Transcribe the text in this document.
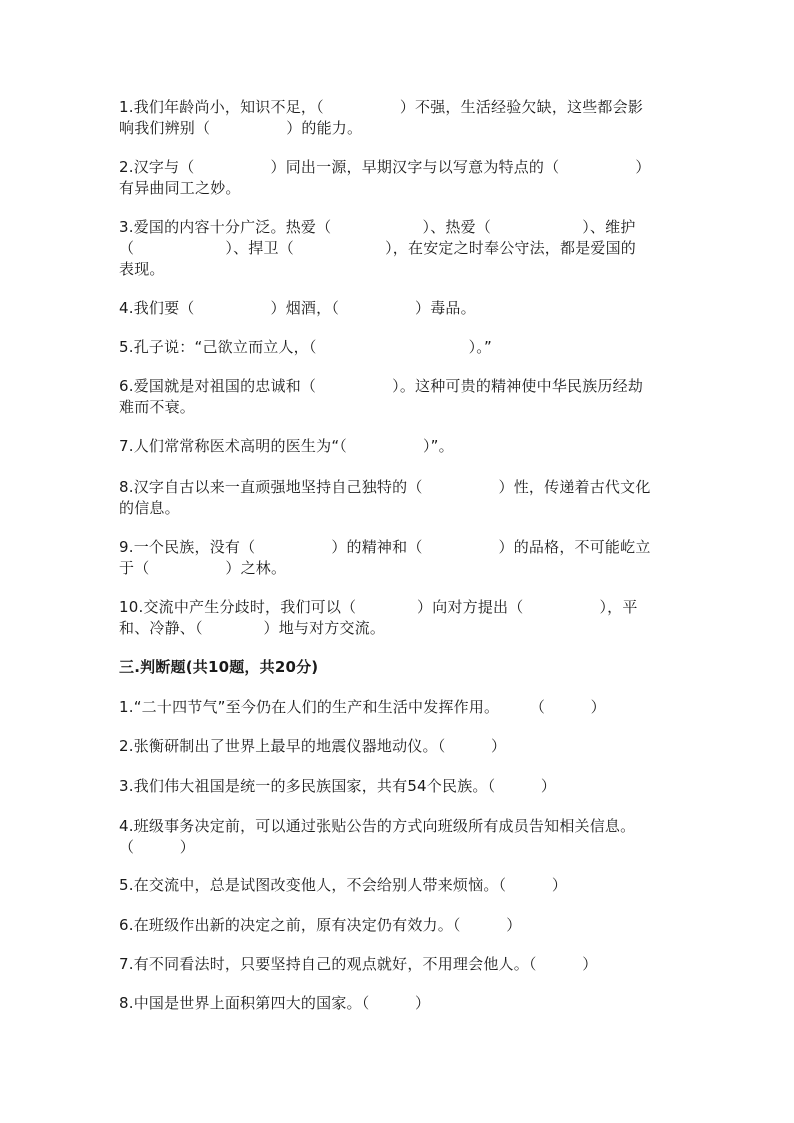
1.我们年龄尚小，知识不足，（　　　　　）不强，生活经验欠缺，这些都会影
响我们辨别（　　　　　）的能力。
2.汉字与（　　　　　）同出一源，早期汉字与以写意为特点的（　　　　　）
有异曲同工之妙。
3.爱国的内容十分广泛。热爱（　　　　　　）、热爱（　　　　　　）、维护
（　　　　　　）、捍卫（　　　　　　），在安定之时奉公守法，都是爱国的
表现。
4.我们要（　　　　　）烟酒，（　　　　　）毒品。
5.孔子说：“己欲立而立人，（　　　　　　　　　　）。”
6.爱国就是对祖国的忠诚和（　　　　　）。这种可贵的精神使中华民族历经劫
难而不衰。
7.人们常常称医术高明的医生为“（　　　　　）”。
8.汉字自古以来一直顽强地坚持自己独特的（　　　　　）性，传递着古代文化
的信息。
9.一个民族，没有（　　　　　）的精神和（　　　　　）的品格，不可能屹立
于（　　　　　）之林。
10.交流中产生分歧时，我们可以（　　　　）向对方提出（　　　　　），平
和、冷静、（　　　　）地与对方交流。
三.判断题(共10题，共20分)
1.“二十四节气”至今仍在人们的生产和生活中发挥作用。　　　（　　　）
2.张衡研制出了世界上最早的地震仪器地动仪。（　　　）
3.我们伟大祖国是统一的多民族国家，共有54个民族。（　　　）
4.班级事务决定前，可以通过张贴公告的方式向班级所有成员告知相关信息。
（　　　）
5.在交流中，总是试图改变他人，不会给别人带来烦恼。（　　　）
6.在班级作出新的决定之前，原有决定仍有效力。（　　　）
7.有不同看法时，只要坚持自己的观点就好，不用理会他人。（　　　）
8.中国是世界上面积第四大的国家。（　　　）
